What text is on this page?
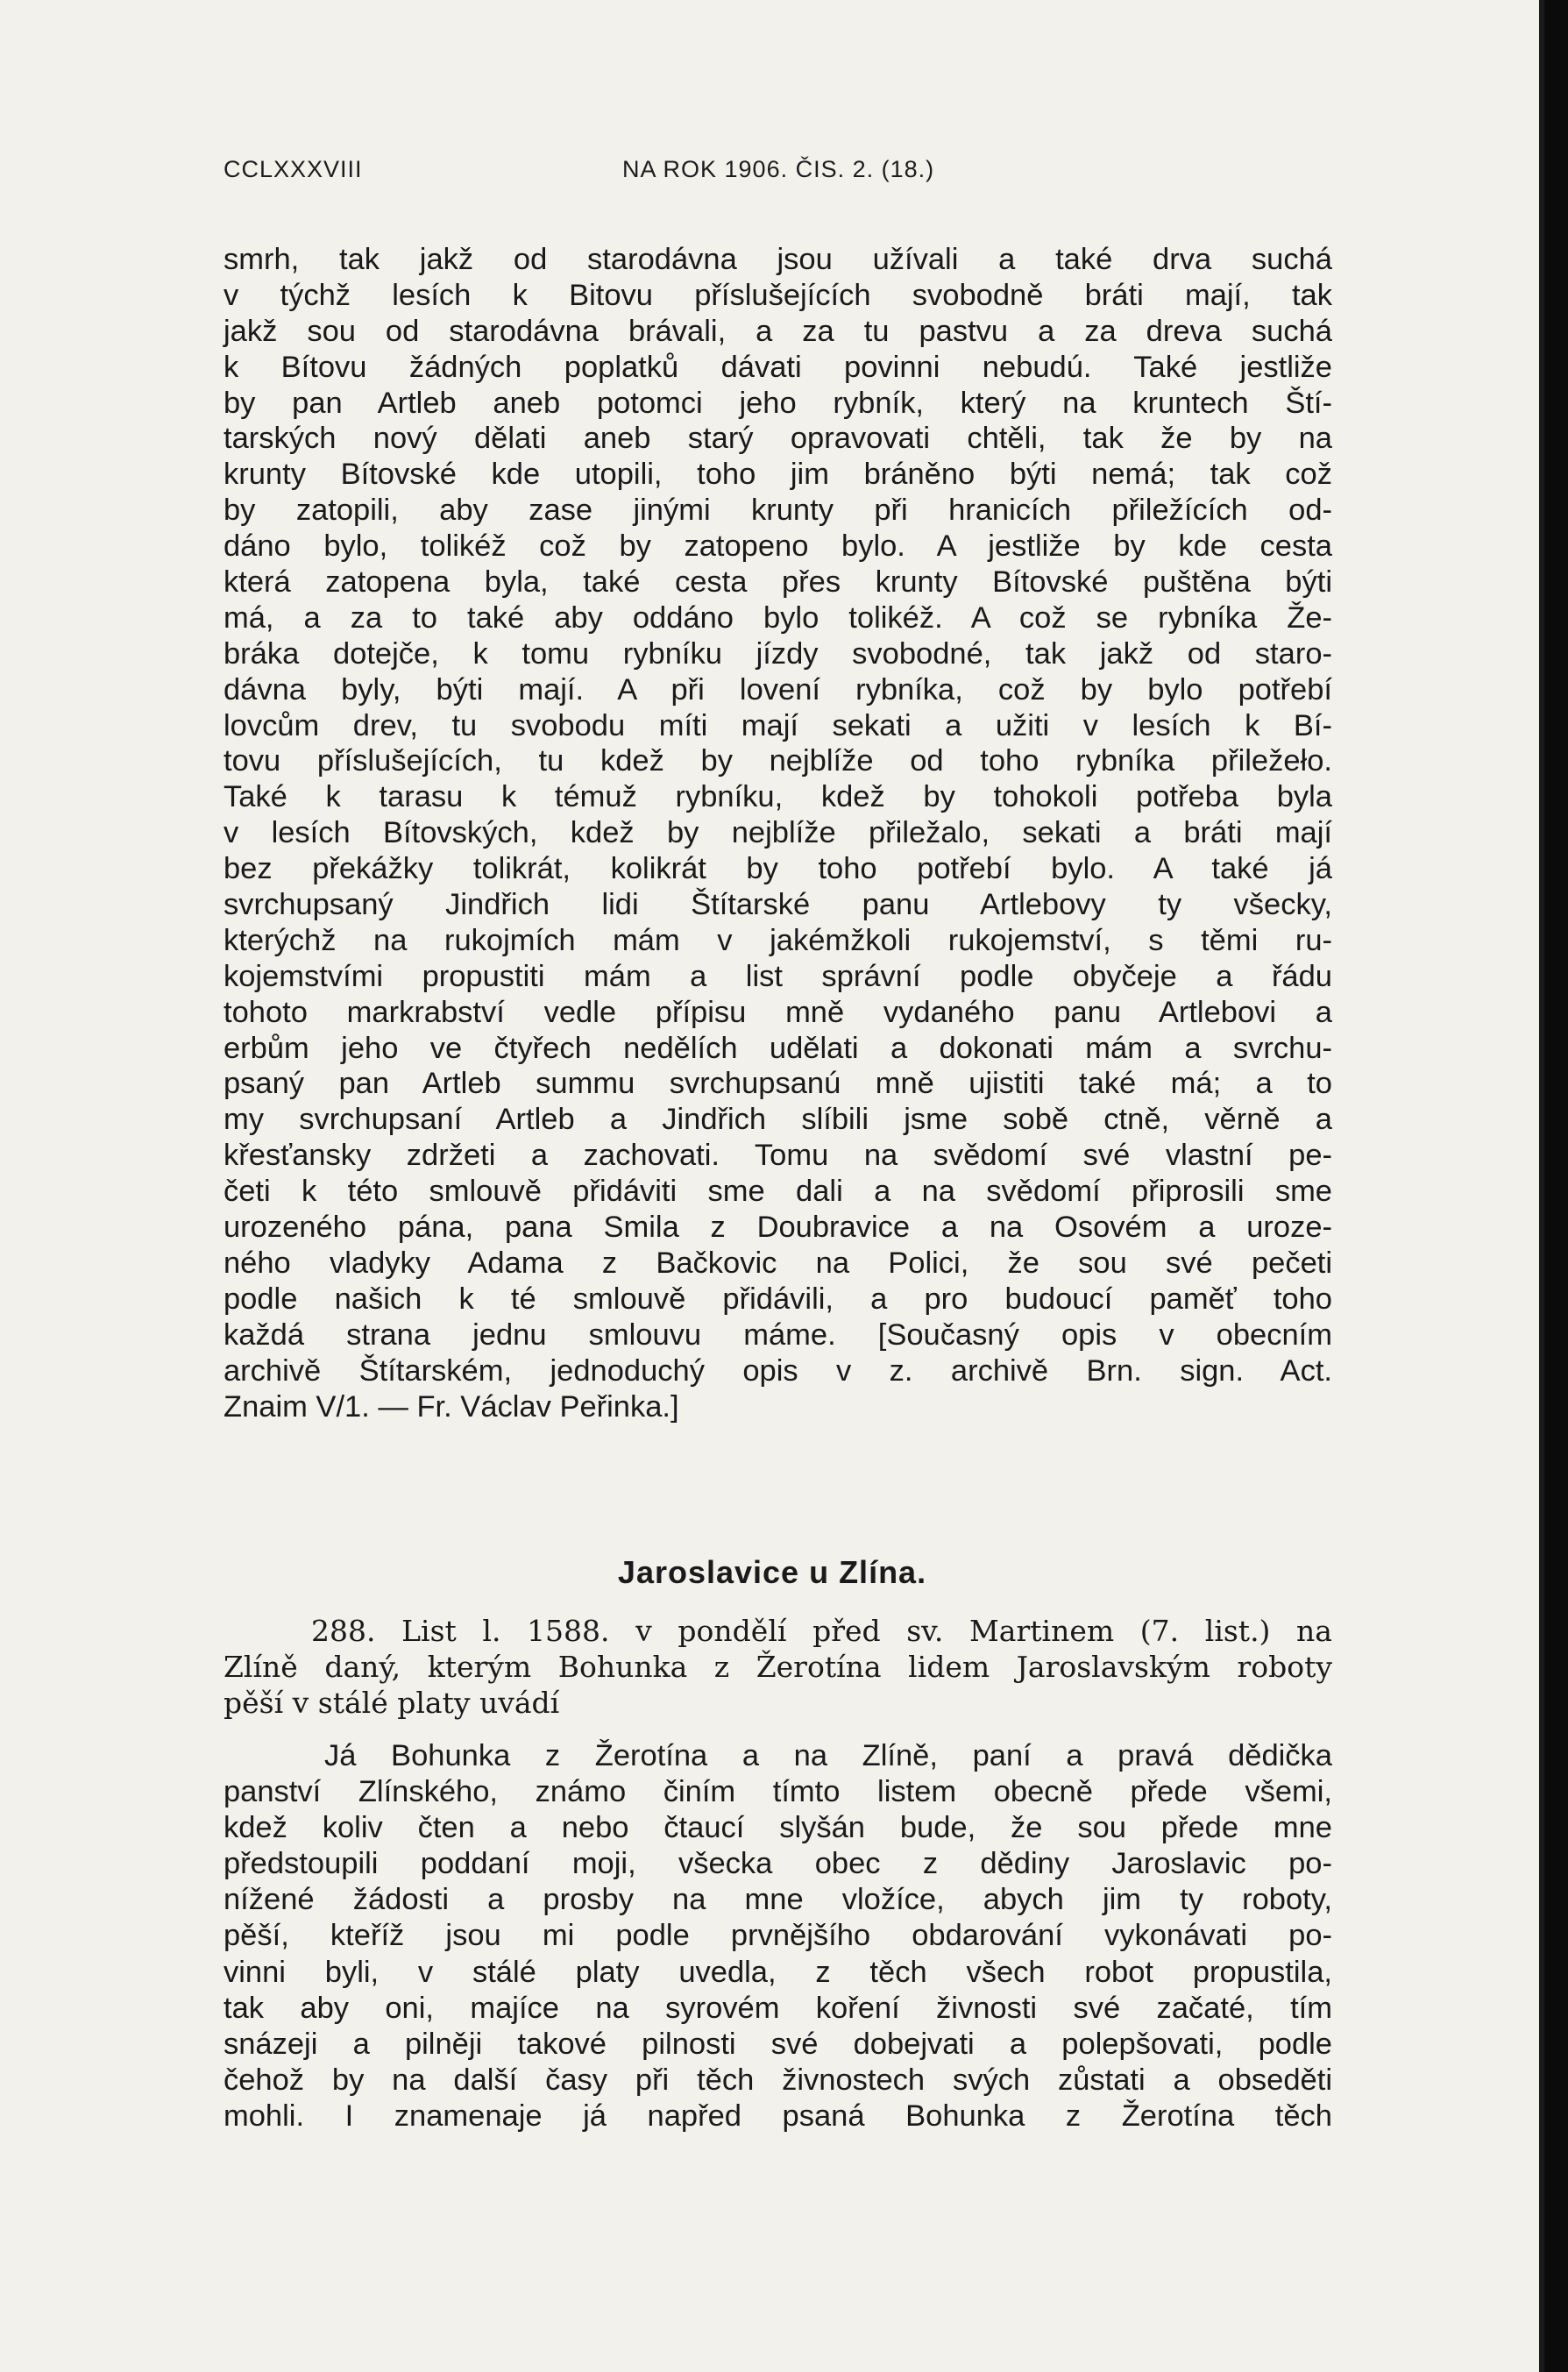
CCLXXXVIII	NA ROK 1906. ČIS. 2. (18.)
smrh, tak jakž od starodávna jsou užívali a také drva suchá
v týchž lesích k Bitovu příslušejících svobodně bráti mají, tak
jakž sou od starodávna brávali, a za tu pastvu a za dreva suchá
k Bítovu žádných poplatků dávati povinni nebudú. Také jestliže
by pan Artleb aneb potomci jeho rybník, který na kruntech Ští-
tarských nový dělati aneb starý opravovati chtěli, tak že by na
krunty Bítovské kde utopili, toho jim bráněno býti nemá; tak což
by zatopili, aby zase jinými krunty při hranicích přiležících od-
dáno bylo, tolikéž což by zatopeno bylo. A jestliže by kde cesta
která zatopena byla, také cesta přes krunty Bítovské puštěna býti
má, a za to také aby oddáno bylo tolikéž. A což se rybníka Že-
bráka dotejče, k tomu rybníku jízdy svobodné, tak jakž od staro-
dávna byly, býti mají. A při lovení rybníka, což by bylo potřebí
lovcům drev, tu svobodu míti mají sekati a užiti v lesích k Bí-
tovu příslušejících, tu kdež by nejblíže od toho rybníka přiležeło.
Také k tarasu k témuž rybníku, kdež by tohokoli potřeba byla
v lesích Bítovských, kdež by nejblíže přiležalo, sekati a bráti mají
bez překážky tolikrát, kolikrát by toho potřebí bylo. A také já
svrchupsaný Jindřich lidi Štítarské panu Artlebovy ty všecky,
kterýchž na rukojmích mám v jakémžkoli rukojemství, s těmi ru-
kojemstvími propustiti mám a list správní podle obyčeje a řádu
tohoto markrabství vedle přípisu mně vydaného panu Artlebovi a
erbům jeho ve čtyřech nedělích udělati a dokonati mám a svrchu-
psaný pan Artleb summu svrchupsanú mně ujistiti také má; a to
my svrchupsaní Artleb a Jindřich slíbili jsme sobě ctně, věrně a
křesťansky zdržeti a zachovati. Tomu na svědomí své vlastní pe-
četi k této smlouvě přidáviti sme dali a na svědomí připrosili sme
urozeného pána, pana Smila z Doubravice a na Osovém a uroze-
ného vladyky Adama z Bačkovic na Polici, že sou své pečeti
podle našich k té smlouvě přidávili, a pro budoucí paměť toho
každá strana jednu smlouvu máme. [Současný opis v obecním
archivě Štítarském, jednoduchý opis v z. archivě Brn. sign. Act.
Znaim V/1. — Fr. Václav Peřinka.]
Jaroslavice u Zlína.
288. List l. 1588. v pondělí před sv. Martinem (7. list.) na
Zlíně daný, kterým Bohunka z Žerotína lidem Jaroslavským roboty
pěší v stálé platy uvádí
Já Bohunka z Žerotína a na Zlíně, paní a pravá dědička
panství Zlínského, známo činím tímto listem obecně přede všemi,
kdež koliv čten a nebo čtaucí slyšán bude, že sou přede mne
předstoupili poddaní moji, všecka obec z dědiny Jaroslavic po-
nížené žádosti a prosby na mne vložíce, abych jim ty roboty,
pěší, kteříž jsou mi podle prvnějšího obdarování vykonávati po-
vinni byli, v stálé platy uvedla, z těch všech robot propustila,
tak aby oni, majíce na syrovém koření živnosti své začaté, tím
snázeji a pilněji takové pilnosti své dobejvati a polepšovati, podle
čehož by na další časy při těch živnostech svých zůstati a obseděti
mohli. I znamenaje já napřed psaná Bohunka z Žerotína těch
